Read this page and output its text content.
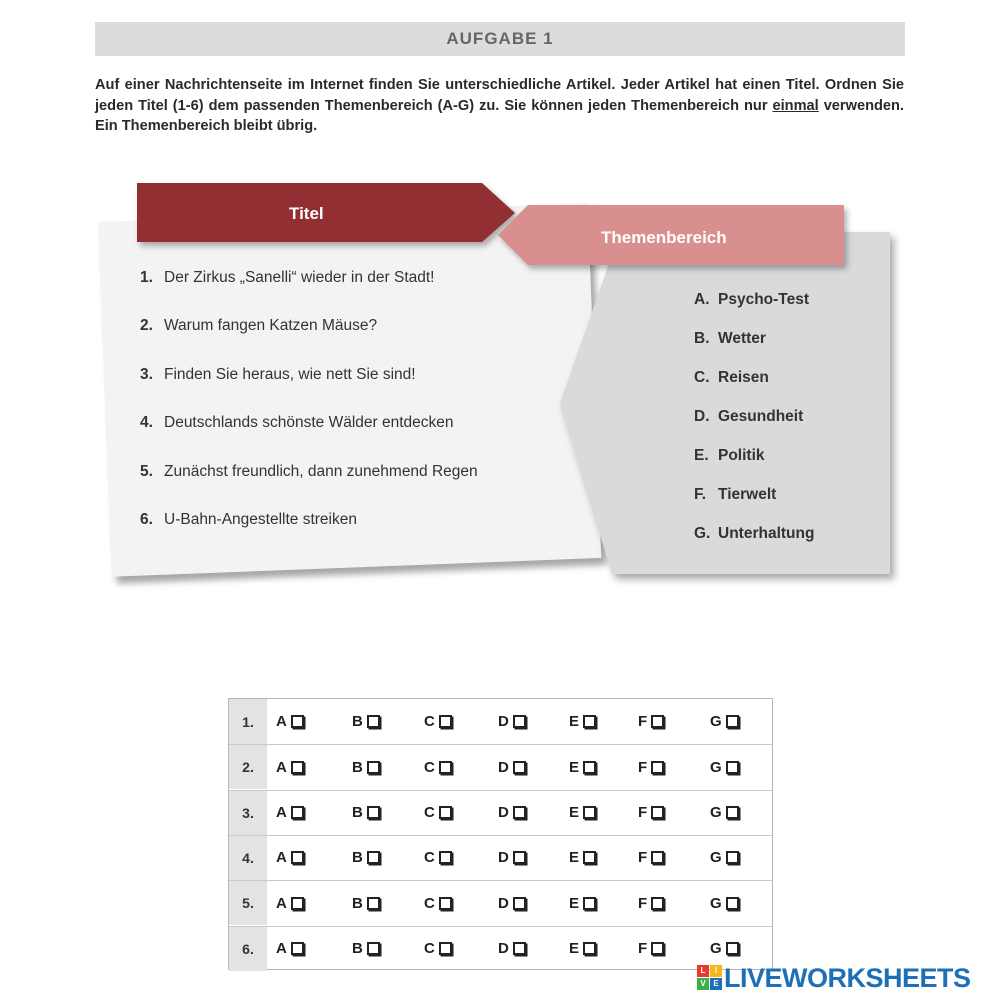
AUFGABE 1
Auf einer Nachrichtenseite im Internet finden Sie unterschiedliche Artikel. Jeder Artikel hat einen Titel. Ordnen Sie jeden Titel (1-6) dem passenden Themenbereich (A-G) zu. Sie können jeden Themenbereich nur einmal verwenden. Ein Themenbereich bleibt übrig.
Titel
Themenbereich
1. Der Zirkus „Sanelli“ wieder in der Stadt!
2. Warum fangen Katzen Mäuse?
3. Finden Sie heraus, wie nett Sie sind!
4. Deutschlands schönste Wälder entdecken
5. Zunächst freundlich, dann zunehmend Regen
6. U-Bahn-Angestellte streiken
A. Psycho-Test
B. Wetter
C. Reisen
D. Gesundheit
E. Politik
F. Tierwelt
G. Unterhaltung
1.	A	B	C	D	E	F	G
2.	A	B	C	D	E	F	G
3.	A	B	C	D	E	F	G
4.	A	B	C	D	E	F	G
5.	A	B	C	D	E	F	G
6.	A	B	C	D	E	F	G
L	I
V E LIVEWORKSHEETS
